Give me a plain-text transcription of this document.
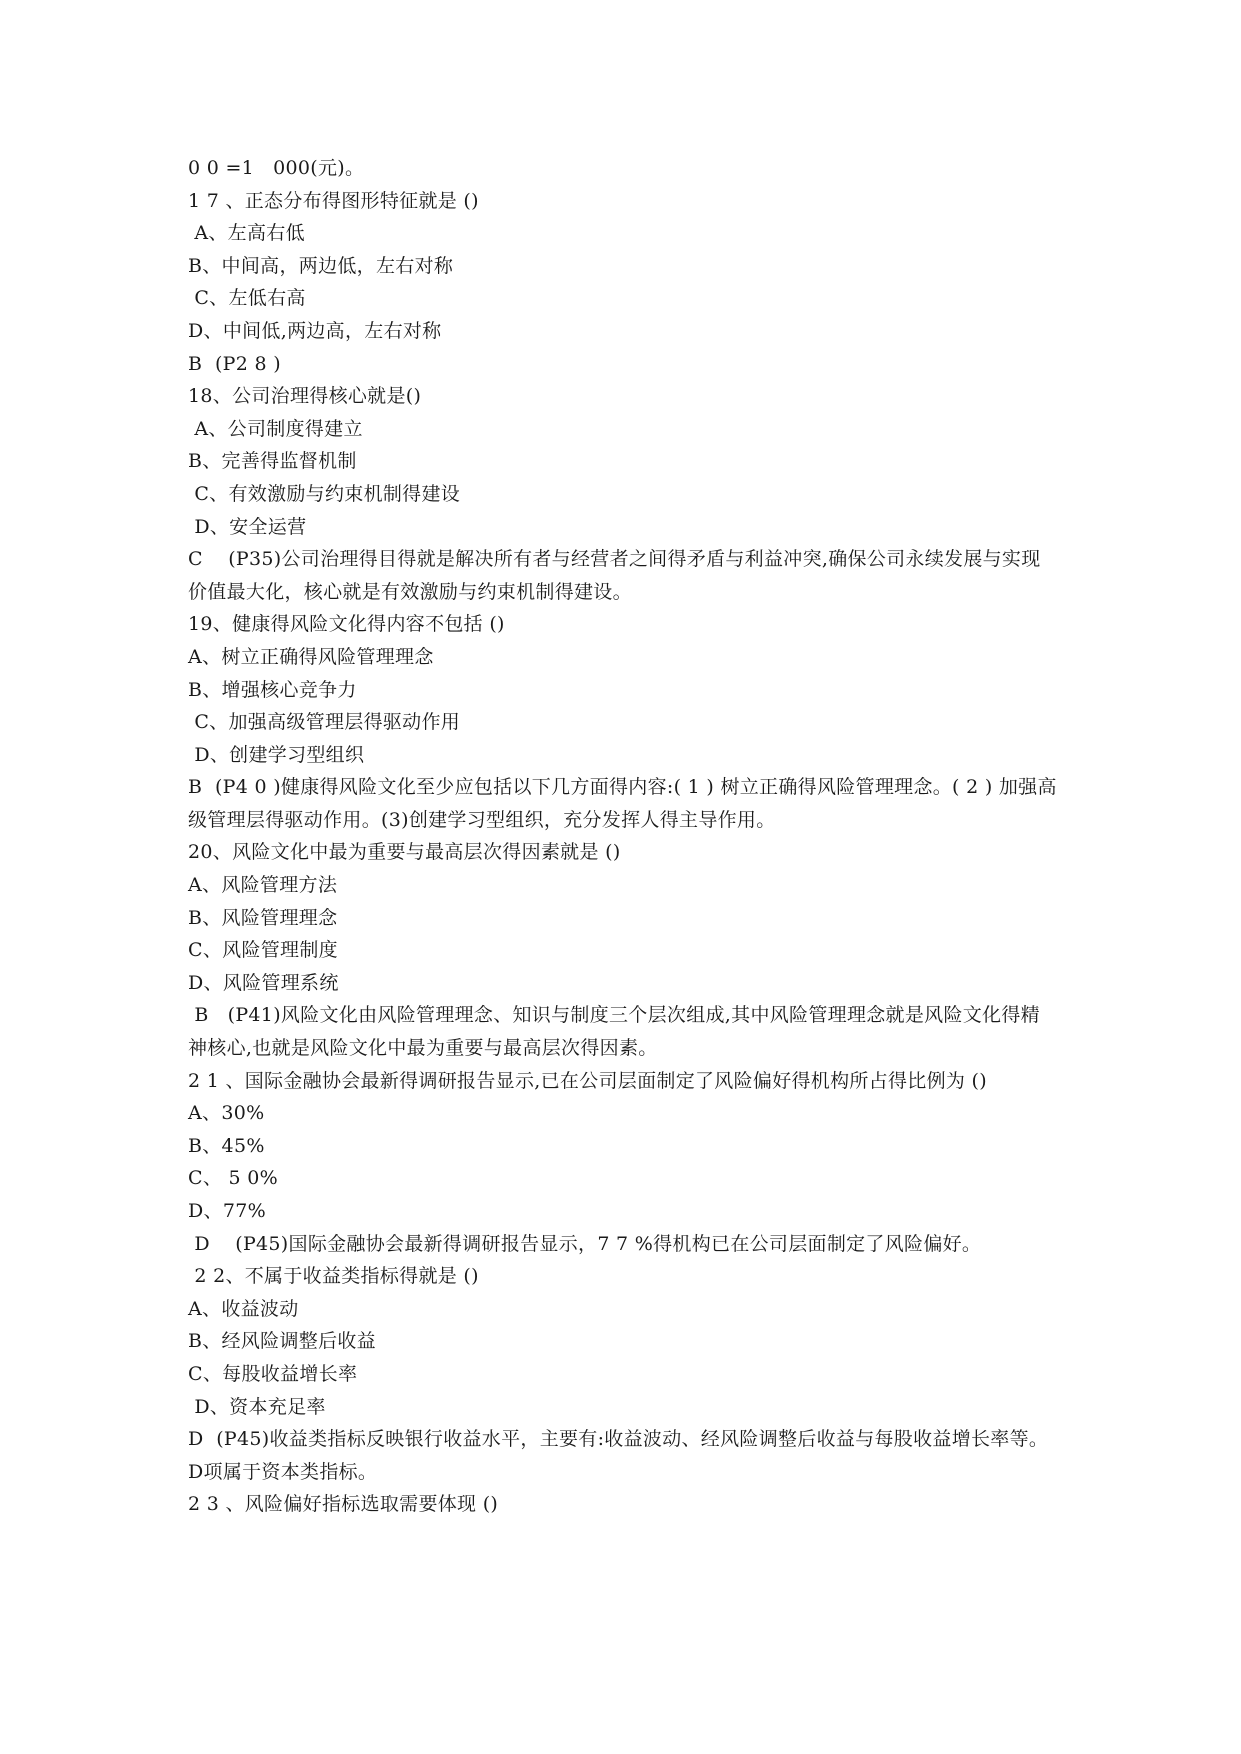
0 0 =1   000(元)。

1 7 、正态分布得图形特征就是 ()

A、左高右低

B、中间高，两边低，左右对称

C、左低右高

D、中间低,两边高，左右对称

B  (P2 8 )

18、公司治理得核心就是()

A、公司制度得建立

B、完善得监督机制

C、有效激励与约束机制得建设

D、安全运营

C    (P35)公司治理得目得就是解决所有者与经营者之间得矛盾与利益冲突,确保公司永续发展与实现价值最大化，核心就是有效激励与约束机制得建设。

19、健康得风险文化得内容不包括 ()

A、树立正确得风险管理理念

B、增强核心竞争力

C、加强高级管理层得驱动作用

D、创建学习型组织

B  (P4 0 )健康得风险文化至少应包括以下几方面得内容:( 1 ) 树立正确得风险管理理念。( 2 ) 加强高级管理层得驱动作用。(3)创建学习型组织，充分发挥人得主导作用。

20、风险文化中最为重要与最高层次得因素就是 ()

A、风险管理方法

B、风险管理理念

C、风险管理制度

D、风险管理系统

B   (P41)风险文化由风险管理理念、知识与制度三个层次组成,其中风险管理理念就是风险文化得精神核心,也就是风险文化中最为重要与最高层次得因素。

2 1 、国际金融协会最新得调研报告显示,已在公司层面制定了风险偏好得机构所占得比例为 ()

A、30%

B、45%

C、 5 0%

D、77%

D    (P45)国际金融协会最新得调研报告显示，7 7 %得机构已在公司层面制定了风险偏好。

2 2、不属于收益类指标得就是 ()

A、收益波动

B、经风险调整后收益

C、每股收益增长率

D、资本充足率

D  (P45)收益类指标反映银行收益水平，主要有:收益波动、经风险调整后收益与每股收益增长率等。 D项属于资本类指标。

2 3 、风险偏好指标选取需要体现 ()
